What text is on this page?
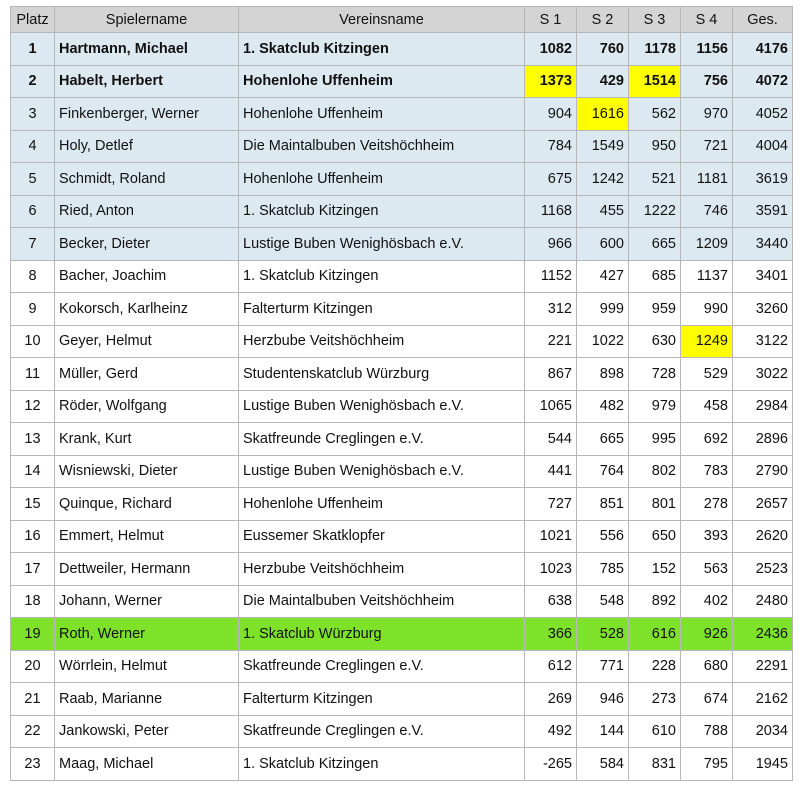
Platz	Spielername	Vereinsname	S 1	S 2	S 3	S 4	Ges.
1	Hartmann, Michael	1. Skatclub Kitzingen	1082	760	1178	1156	4176
2	Habelt, Herbert	Hohenlohe Uffenheim	1373	429	1514	756	4072
3	Finkenberger, Werner	Hohenlohe Uffenheim	904	1616	562	970	4052
4	Holy, Detlef	Die Maintalbuben Veitshöchheim	784	1549	950	721	4004
5	Schmidt, Roland	Hohenlohe Uffenheim	675	1242	521	1181	3619
6	Ried, Anton	1. Skatclub Kitzingen	1168	455	1222	746	3591
7	Becker, Dieter	Lustige Buben Wenighösbach e.V.	966	600	665	1209	3440
8	Bacher, Joachim	1. Skatclub Kitzingen	1152	427	685	1137	3401
9	Kokorsch, Karlheinz	Falterturm Kitzingen	312	999	959	990	3260
10	Geyer, Helmut	Herzbube Veitshöchheim	221	1022	630	1249	3122
11	Müller, Gerd	Studentenskatclub Würzburg	867	898	728	529	3022
12	Röder, Wolfgang	Lustige Buben Wenighösbach e.V.	1065	482	979	458	2984
13	Krank, Kurt	Skatfreunde Creglingen e.V.	544	665	995	692	2896
14	Wisniewski, Dieter	Lustige Buben Wenighösbach e.V.	441	764	802	783	2790
15	Quinque, Richard	Hohenlohe Uffenheim	727	851	801	278	2657
16	Emmert, Helmut	Eussemer Skatklopfer	1021	556	650	393	2620
17	Dettweiler, Hermann	Herzbube Veitshöchheim	1023	785	152	563	2523
18	Johann, Werner	Die Maintalbuben Veitshöchheim	638	548	892	402	2480
19	Roth, Werner	1. Skatclub Würzburg	366	528	616	926	2436
20	Wörrlein, Helmut	Skatfreunde Creglingen e.V.	612	771	228	680	2291
21	Raab, Marianne	Falterturm Kitzingen	269	946	273	674	2162
22	Jankowski, Peter	Skatfreunde Creglingen e.V.	492	144	610	788	2034
23	Maag, Michael	1. Skatclub Kitzingen	-265	584	831	795	1945
